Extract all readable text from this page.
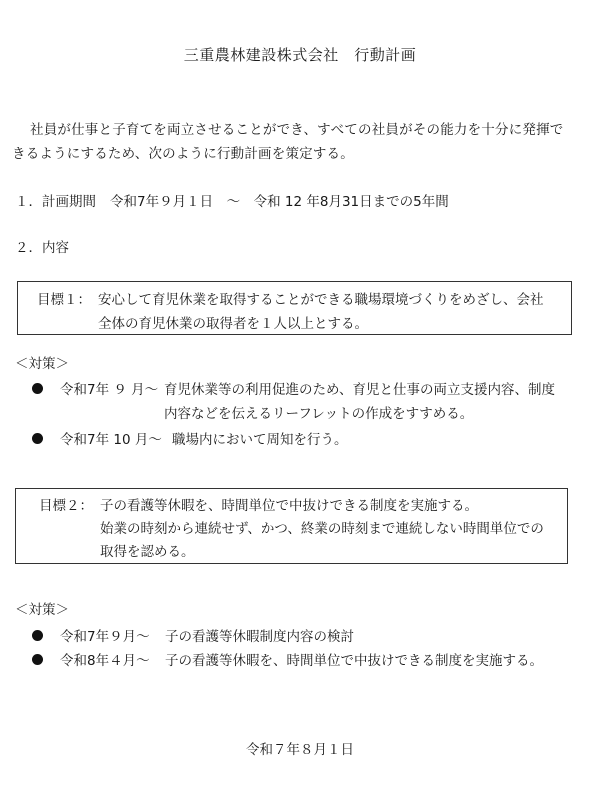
三重農林建設株式会社　行動計画
社員が仕事と子育てを両立させることができ、すべての社員がその能力を十分に発揮で
きるようにするため、次のように行動計画を策定する。
１．計画期間 令和7年９月１日　～　令和 12 年8月31日までの5年間
２．内容
目標１： 安心して育児休業を取得することができる職場環境づくりをめざし、会社
全体の育児休業の取得者を１人以上とする。
＜対策＞
令和7年 ９ 月～ 育児休業等の利用促進のため、育児と仕事の両立支援内容、制度
内容などを伝えるリーフレットの作成をすすめる。
令和7年 10 月～ 職場内において周知を行う。
目標２： 子の看護等休暇を、時間単位で中抜けできる制度を実施する。
始業の時刻から連続せず、かつ、終業の時刻まで連続しない時間単位での
取得を認める。
＜対策＞
令和7年９月～ 子の看護等休暇制度内容の検討
令和8年４月～ 子の看護等休暇を、時間単位で中抜けできる制度を実施する。
令和７年８月１日
